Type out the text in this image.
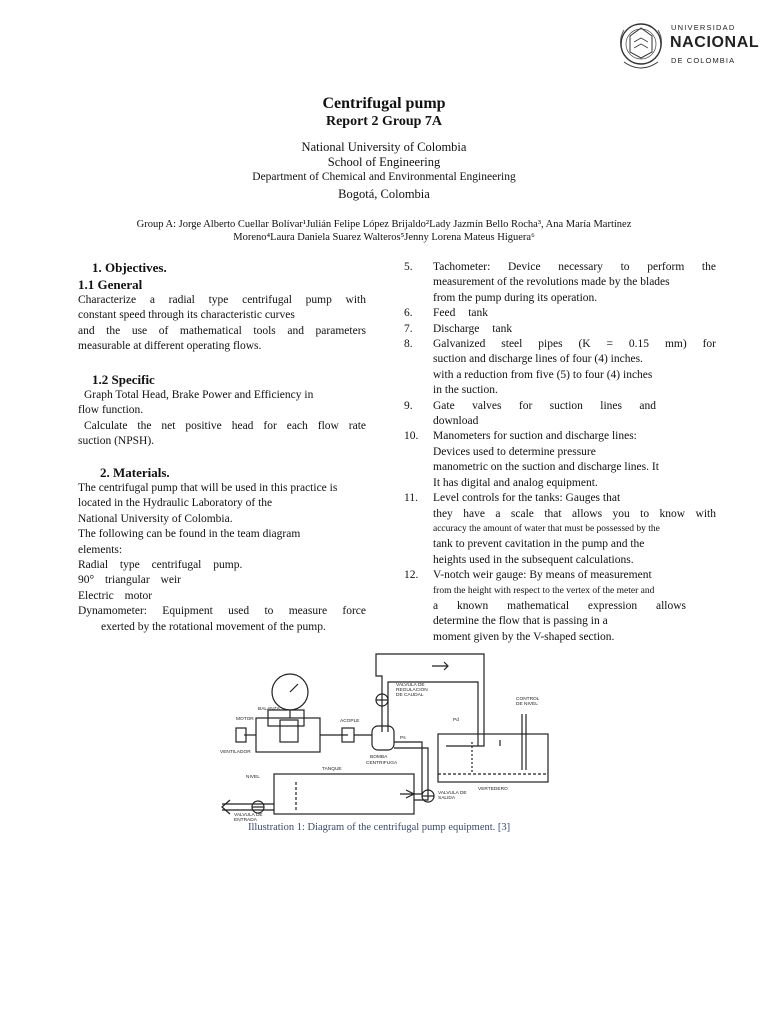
UNIVERSIDAD
NACIONAL
DE COLOMBIA
Centrifugal pump
Report 2 Group 7A
National University of Colombia
School of Engineering
Department of Chemical and Environmental Engineering
Bogotá, Colombia
Group A: Jorge Alberto Cuellar Bolívar¹Julián Felipe López Brijaldo²Lady Jazmín Bello Rocha³, Ana María Martínez
Moreno⁴Laura Daniela Suarez Walteros⁵Jenny Lorena Mateus Higuera⁶

1. Objectives.

1.1 General

Characterize a radial type centrifugal pump with

constant speed through its characteristic curves

and the use of mathematical tools and parameters

measurable at different operating flows.

1.2 Specific

Graph Total Head, Brake Power and Efficiency in

flow function.

Calculate the net positive head for each flow rate

suction (NPSH).

2. Materials.

The centrifugal pump that will be used in this practice is

located in the Hydraulic Laboratory of the

National University of Colombia.

The following can be found in the team diagram

elements:

Radial type centrifugal pump.

90° triangular weir

Electric motor

Dynamometer: Equipment used to measure force

exerted by the rotational movement of the pump.

5. Tachometer: Device necessary to perform the
measurement of the revolutions made by the blades
from the pump during its operation.
6. Feed tank
7. Discharge tank
8. Galvanized steel pipes (K = 0.15 mm) for
suction and discharge lines of four (4) inches.
with a reduction from five (5) to four (4) inches
in the suction.
9. Gate valves for suction lines and
download
10. Manometers for suction and discharge lines:
Devices used to determine pressure
manometric on the suction and discharge lines. It
It has digital and analog equipment.
11. Level controls for the tanks: Gauges that
they have a scale that allows you to know with
accuracy the amount of water that must be possessed by the
tank to prevent cavitation in the pump and the
heights used in the subsequent calculations.
12. V-notch weir gauge: By means of measurement
from the height with respect to the vertex of the meter and
a known mathematical expression allows
determine the flow that is passing in a
moment given by the V-shaped section.
BALANZA
MOTOR
VENTILADOR
ACOPLE
BOMBA
CENTRIFUGA
VALVULA DE
REGULACION
DE CAUDAL
CONTROL
DE NIVEL
VERTEDERO
TANQUE
NIVEL
VALVULA DE
SALIDA
VALVULA DE
ENTRADA
Pd
Ps
Illustration 1: Diagram of the centrifugal pump equipment. [3]
